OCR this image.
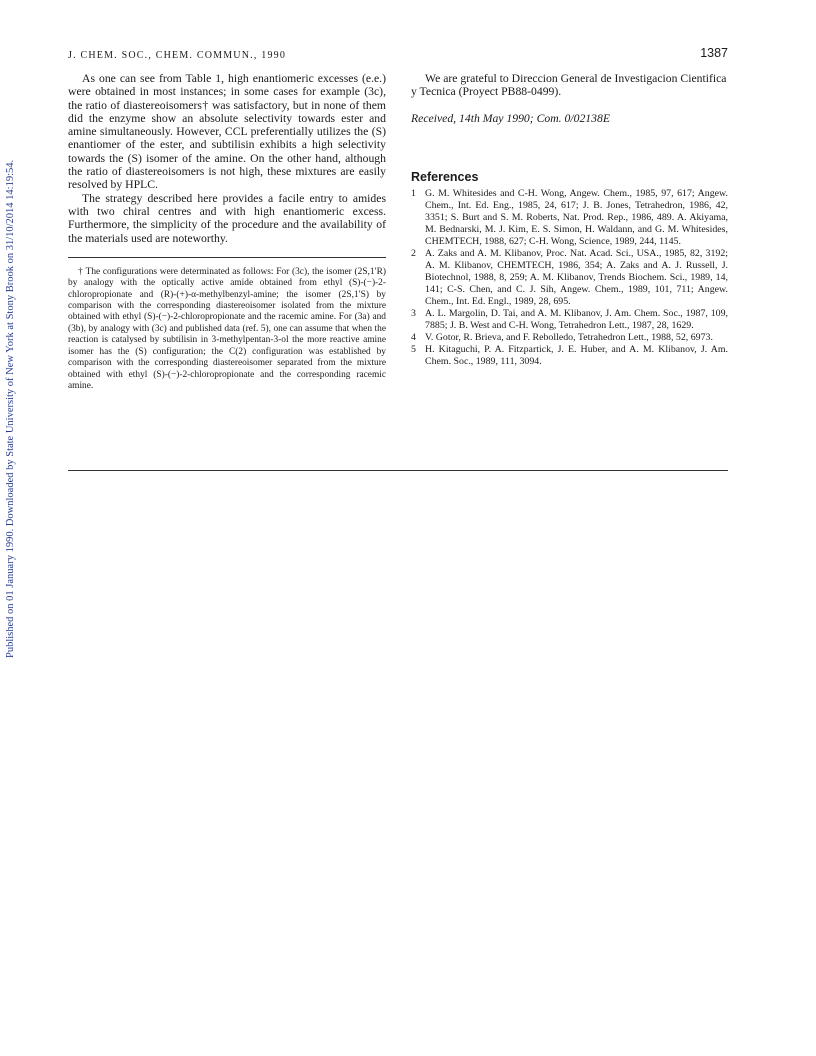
Published on 01 January 1990. Downloaded by State University of New York at Stony Brook on 31/10/2014 14:19:54.
J. CHEM. SOC., CHEM. COMMUN., 1990	1387

As one can see from Table 1, high enantiomeric excesses (e.e.) were obtained in most instances; in some cases for example (3c), the ratio of diastereoisomers† was satisfactory, but in none of them did the enzyme show an absolute selectivity towards ester and amine simultaneously. However, CCL preferentially utilizes the (S) enantiomer of the ester, and subtilisin exhibits a high selectivity towards the (S) isomer of the amine. On the other hand, although the ratio of diastereoisomers is not high, these mixtures are easily resolved by HPLC.

The strategy described here provides a facile entry to amides with two chiral centres and with high enantiomeric excess. Furthermore, the simplicity of the procedure and the availability of the materials used are noteworthy.

† The configurations were determinated as follows: For (3c), the isomer (2S,1′R) by analogy with the optically active amide obtained from ethyl (S)-(−)-2-chloropropionate and (R)-(+)-α-methylbenzyl-amine; the isomer (2S,1′S) by comparison with the corresponding diastereoisomer isolated from the mixture obtained with ethyl (S)-(−)-2-chloropropionate and the racemic amine. For (3a) and (3b), by analogy with (3c) and published data (ref. 5), one can assume that when the reaction is catalysed by subtilisin in 3-methylpentan-3-ol the more reactive amine isomer has the (S) configuration; the C(2) configuration was established by comparison with the corresponding diastereoisomer separated from the mixture obtained with ethyl (S)-(−)-2-chloropropionate and the corresponding racemic amine.

We are grateful to Direccion General de Investigacion Cientifica y Tecnica (Proyect PB88-0499).

Received, 14th May 1990; Com. 0/02138E

References
1 G. M. Whitesides and C-H. Wong, Angew. Chem., 1985, 97, 617; Angew. Chem., Int. Ed. Eng., 1985, 24, 617; J. B. Jones, Tetrahedron, 1986, 42, 3351; S. Burt and S. M. Roberts, Nat. Prod. Rep., 1986, 489. A. Akiyama, M. Bednarski, M. J. Kim, E. S. Simon, H. Waldann, and G. M. Whitesides, CHEMTECH, 1988, 627; C-H. Wong, Science, 1989, 244, 1145.
2 A. Zaks and A. M. Klibanov, Proc. Nat. Acad. Sci., USA., 1985, 82, 3192; A. M. Klibanov, CHEMTECH, 1986, 354; A. Zaks and A. J. Russell, J. Biotechnol, 1988, 8, 259; A. M. Klibanov, Trends Biochem. Sci., 1989, 14, 141; C-S. Chen, and C. J. Sih, Angew. Chem., 1989, 101, 711; Angew. Chem., Int. Ed. Engl., 1989, 28, 695.
3 A. L. Margolin, D. Tai, and A. M. Klibanov, J. Am. Chem. Soc., 1987, 109, 7885; J. B. West and C-H. Wong, Tetrahedron Lett., 1987, 28, 1629.
4 V. Gotor, R. Brieva, and F. Rebolledo, Tetrahedron Lett., 1988, 52, 6973.
5 H. Kitaguchi, P. A. Fitzpartick, J. E. Huber, and A. M. Klibanov, J. Am. Chem. Soc., 1989, 111, 3094.
